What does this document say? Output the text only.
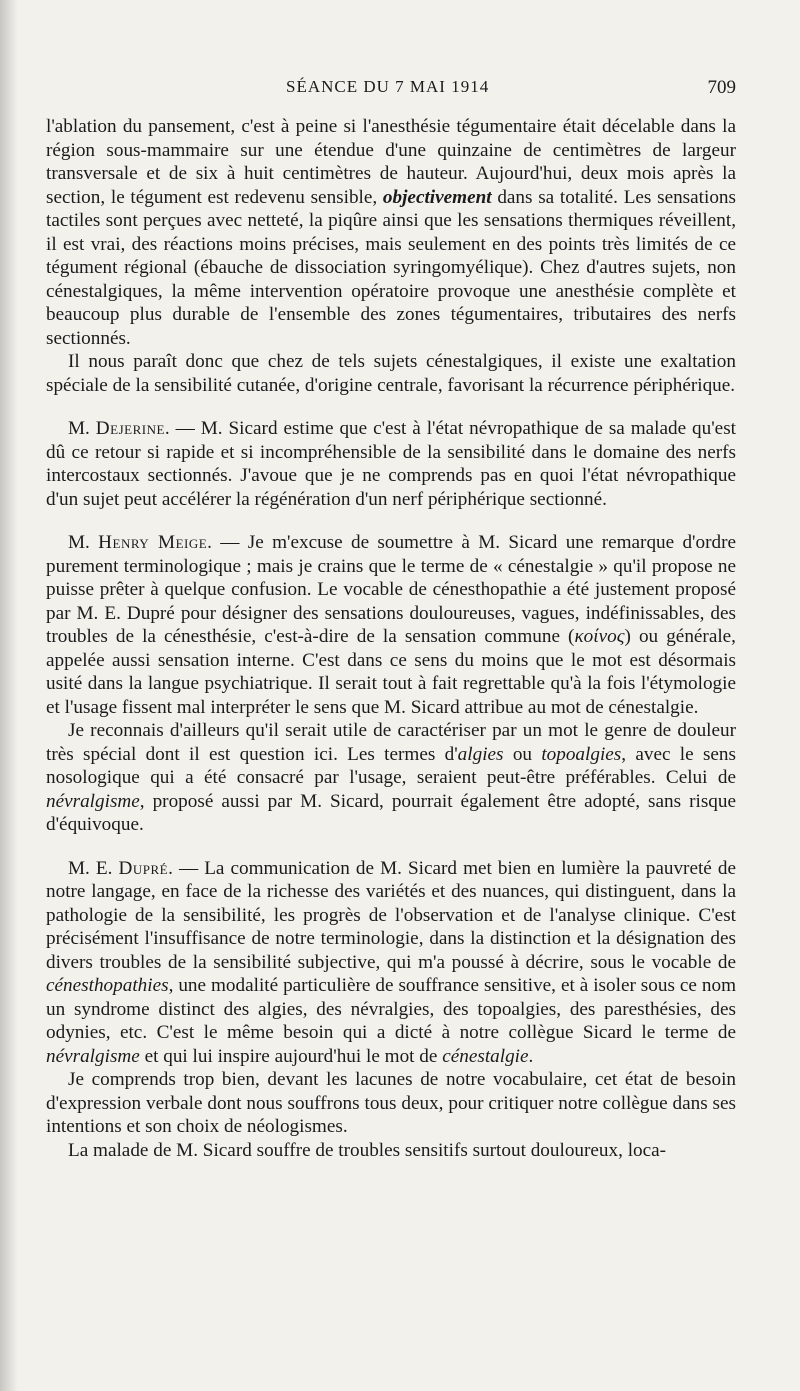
SÉANCE DU 7 MAI 1914	709

l'ablation du pansement, c'est à peine si l'anesthésie tégumentaire était décelable dans la région sous-mammaire sur une étendue d'une quinzaine de centimètres de largeur transversale et de six à huit centimètres de hauteur. Aujourd'hui, deux mois après la section, le tégument est redevenu sensible, objectivement dans sa totalité. Les sensations tactiles sont perçues avec netteté, la piqûre ainsi que les sensations thermiques réveillent, il est vrai, des réactions moins précises, mais seulement en des points très limités de ce tégument régional (ébauche de dissociation syringomyélique). Chez d'autres sujets, non cénestalgiques, la même intervention opératoire provoque une anesthésie complète et beaucoup plus durable de l'ensemble des zones tégumentaires, tributaires des nerfs sectionnés.

Il nous paraît donc que chez de tels sujets cénestalgiques, il existe une exaltation spéciale de la sensibilité cutanée, d'origine centrale, favorisant la récurrence périphérique.

M. Dejerine. — M. Sicard estime que c'est à l'état névropathique de sa malade qu'est dû ce retour si rapide et si incompréhensible de la sensibilité dans le domaine des nerfs intercostaux sectionnés. J'avoue que je ne comprends pas en quoi l'état névropathique d'un sujet peut accélérer la régénération d'un nerf périphérique sectionné.

M. Henry Meige. — Je m'excuse de soumettre à M. Sicard une remarque d'ordre purement terminologique ; mais je crains que le terme de « cénestalgie » qu'il propose ne puisse prêter à quelque confusion. Le vocable de cénesthopathie a été justement proposé par M. E. Dupré pour désigner des sensations douloureuses, vagues, indéfinissables, des troubles de la cénesthésie, c'est-à-dire de la sensation commune (κοίνος) ou générale, appelée aussi sensation interne. C'est dans ce sens du moins que le mot est désormais usité dans la langue psychiatrique. Il serait tout à fait regrettable qu'à la fois l'étymologie et l'usage fissent mal interpréter le sens que M. Sicard attribue au mot de cénestalgie.

Je reconnais d'ailleurs qu'il serait utile de caractériser par un mot le genre de douleur très spécial dont il est question ici. Les termes d'algies ou topoalgies, avec le sens nosologique qui a été consacré par l'usage, seraient peut-être préférables. Celui de névralgisme, proposé aussi par M. Sicard, pourrait également être adopté, sans risque d'équivoque.

M. E. Dupré. — La communication de M. Sicard met bien en lumière la pauvreté de notre langage, en face de la richesse des variétés et des nuances, qui distinguent, dans la pathologie de la sensibilité, les progrès de l'observation et de l'analyse clinique. C'est précisément l'insuffisance de notre terminologie, dans la distinction et la désignation des divers troubles de la sensibilité subjective, qui m'a poussé à décrire, sous le vocable de cénesthopathies, une modalité particulière de souffrance sensitive, et à isoler sous ce nom un syndrome distinct des algies, des névralgies, des topoalgies, des paresthésies, des odynies, etc. C'est le même besoin qui a dicté à notre collègue Sicard le terme de névralgisme et qui lui inspire aujourd'hui le mot de cénestalgie.

Je comprends trop bien, devant les lacunes de notre vocabulaire, cet état de besoin d'expression verbale dont nous souffrons tous deux, pour critiquer notre collègue dans ses intentions et son choix de néologismes.

La malade de M. Sicard souffre de troubles sensitifs surtout douloureux, loca-
